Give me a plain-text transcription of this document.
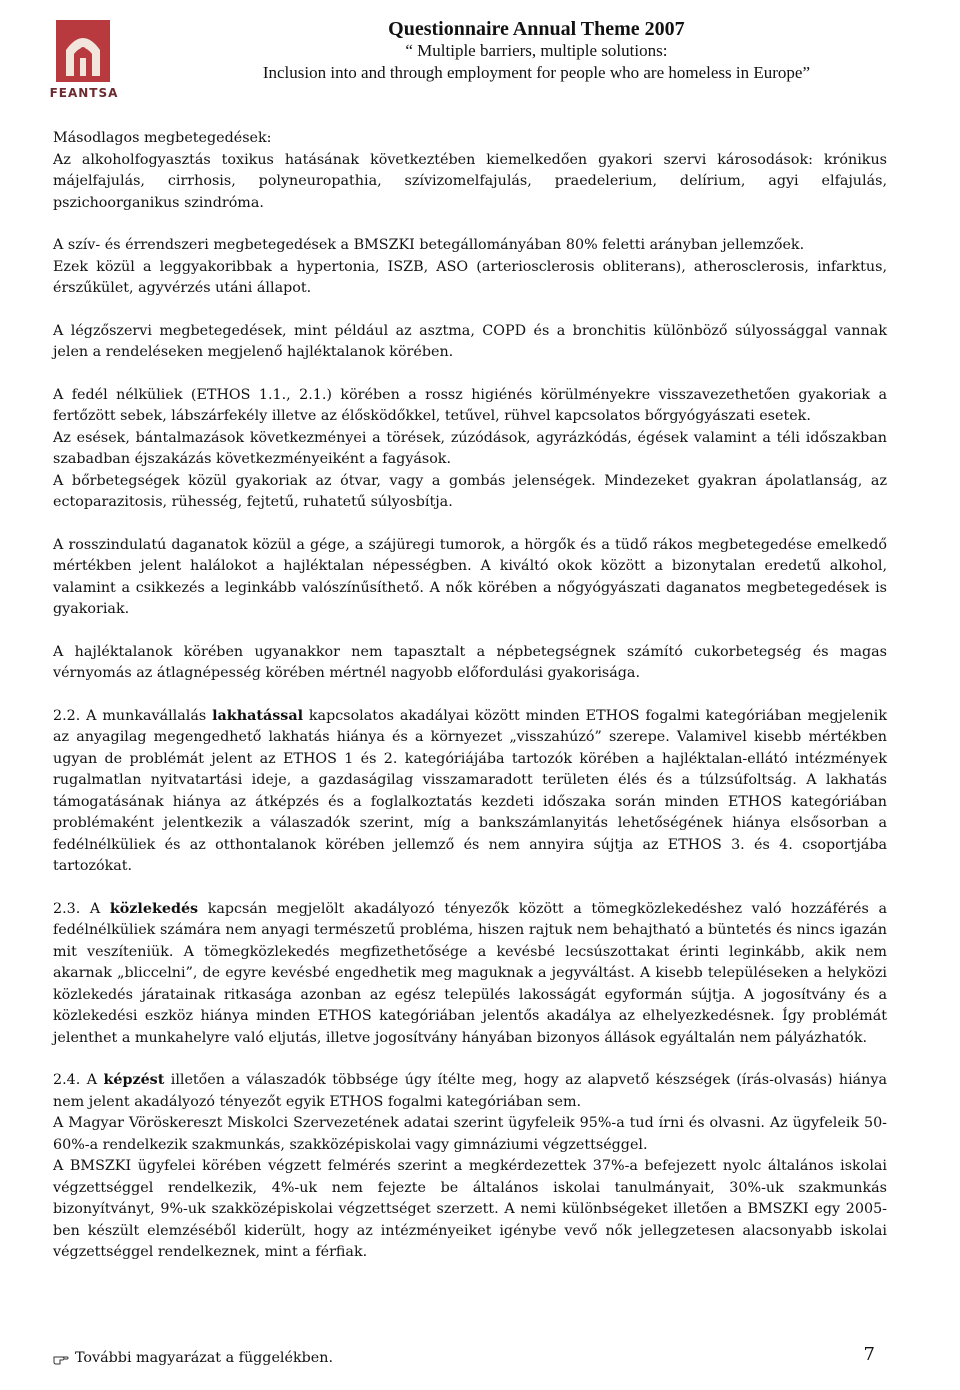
FEANTSA
Questionnaire Annual Theme 2007
“ Multiple barriers, multiple solutions:
Inclusion into and through employment for people who are homeless in Europe”

Másodlagos megbetegedések:

Az alkoholfogyasztás toxikus hatásának következtében kiemelkedően gyakori szervi károsodások: krónikus májelfajulás, cirrhosis, polyneuropathia, szívizomelfajulás, praedelerium, delírium, agyi elfajulás, pszichoorganikus szindróma.

A szív- és érrendszeri megbetegedések a BMSZKI betegállományában 80% feletti arányban jellemzőek.

Ezek közül a leggyakoribbak a hypertonia, ISZB, ASO (arteriosclerosis obliterans), atherosclerosis, infarktus, érszűkület, agyvérzés utáni állapot.

A légzőszervi megbetegedések, mint például az asztma, COPD és a bronchitis különböző súlyossággal vannak jelen a rendeléseken megjelenő hajléktalanok körében.

A fedél nélküliek (ETHOS 1.1., 2.1.) körében a rossz higiénés körülményekre visszavezethetően gyakoriak a fertőzött sebek, lábszárfekély illetve az élősködőkkel, tetűvel, rühvel kapcsolatos bőrgyógyászati esetek.

Az esések, bántalmazások következményei a törések, zúzódások, agyrázkódás, égések valamint a téli időszakban szabadban éjszakázás következményeiként a fagyások.

A bőrbetegségek közül gyakoriak az ótvar, vagy a gombás jelenségek. Mindezeket gyakran ápolatlanság, az ectoparazitosis, rühesség, fejtetű, ruhatetű súlyosbítja.

A rosszindulatú daganatok közül a gége, a szájüregi tumorok, a hörgők és a tüdő rákos megbetegedése emelkedő mértékben jelent halálokot a hajléktalan népességben. A kiváltó okok között a bizonytalan eredetű alkohol, valamint a csikkezés a leginkább valószínűsíthető. A nők körében a nőgyógyászati daganatos megbetegedések is gyakoriak.

A hajléktalanok körében ugyanakkor nem tapasztalt a népbetegségnek számító cukorbetegség és magas vérnyomás az átlagnépesség körében mértnél nagyobb előfordulási gyakorisága.

2.2. A munkavállalás lakhatással kapcsolatos akadályai között minden ETHOS fogalmi kategóriában megjelenik az anyagilag megengedhető lakhatás hiánya és a környezet „visszahúzó” szerepe. Valamivel kisebb mértékben ugyan de problémát jelent az ETHOS 1 és 2. kategóriájába tartozók körében a hajléktalan-ellátó intézmények rugalmatlan nyitvatartási ideje, a gazdaságilag visszamaradott területen élés és a túlzsúfoltság. A lakhatás támogatásának hiánya az átképzés és a foglalkoztatás kezdeti időszaka során minden ETHOS kategóriában problémaként jelentkezik a válaszadók szerint, míg a bankszámlanyitás lehetőségének hiánya elsősorban a fedélnélküliek és az otthontalanok körében jellemző és nem annyira sújtja az ETHOS 3. és 4. csoportjába tartozókat.

2.3. A közlekedés kapcsán megjelölt akadályozó tényezők között a tömegközlekedéshez való hozzáférés a fedélnélküliek számára nem anyagi természetű probléma, hiszen rajtuk nem behajtható a büntetés és nincs igazán mit veszíteniük. A tömegközlekedés megfizethetősége a kevésbé lecsúszottakat érinti leginkább, akik nem akarnak „bliccelni”, de egyre kevésbé engedhetik meg maguknak a jegyváltást. A kisebb településeken a helyközi közlekedés járatainak ritkasága azonban az egész település lakosságát egyformán sújtja. A jogosítvány és a közlekedési eszköz hiánya minden ETHOS kategóriában jelentős akadálya az elhelyezkedésnek. Így problémát jelenthet a munkahelyre való eljutás, illetve jogosítvány hányában bizonyos állások egyáltalán nem pályázhatók.

2.4. A képzést illetően a válaszadók többsége úgy ítélte meg, hogy az alapvető készségek (írás-olvasás) hiánya nem jelent akadályozó tényezőt egyik ETHOS fogalmi kategóriában sem.

A Magyar Vöröskereszt Miskolci Szervezetének adatai szerint ügyfeleik 95%-a tud írni és olvasni. Az ügyfeleik 50-60%-a rendelkezik szakmunkás, szakközépiskolai vagy gimnáziumi végzettséggel.

A BMSZKI ügyfelei körében végzett felmérés szerint a megkérdezettek 37%-a befejezett nyolc általános iskolai végzettséggel rendelkezik, 4%-uk nem fejezte be általános iskolai tanulmányait, 30%-uk szakmunkás bizonyítványt, 9%-uk szakközépiskolai végzettséget szerzett. A nemi különbségeket illetően a BMSZKI egy 2005-ben készült elemzéséből kiderült, hogy az intézményeiket igénybe vevő nők jellegzetesen alacsonyabb iskolai végzettséggel rendelkeznek, mint a férfiak.

További magyarázat a függelékben.	7
